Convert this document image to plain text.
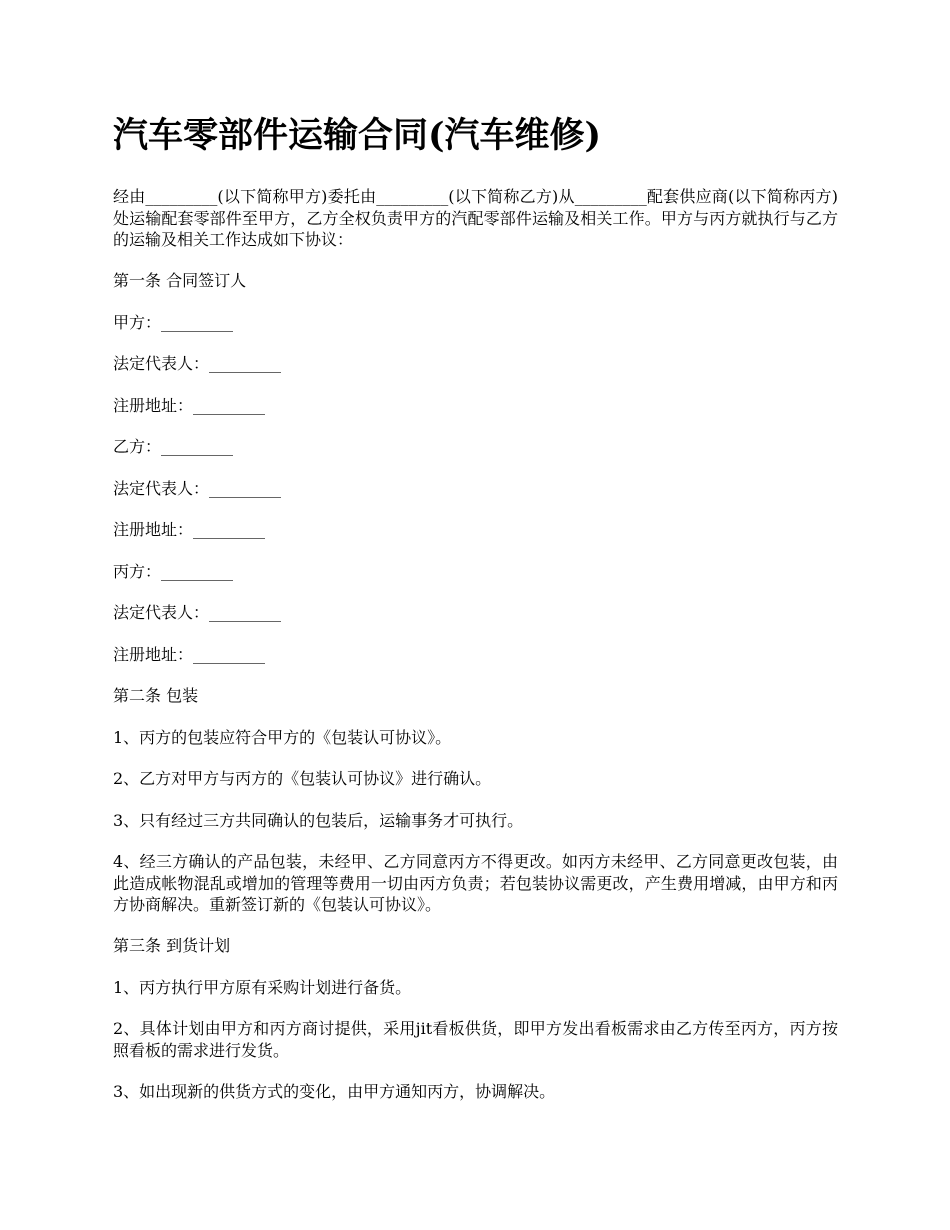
汽车零部件运输合同(汽车维修)

经由_________(以下简称甲方)委托由_________(以下简称乙方)从_________配套供应商(以下简称丙方)处运输配套零部件至甲方，乙方全权负责甲方的汽配零部件运输及相关工作。甲方与丙方就执行与乙方的运输及相关工作达成如下协议：

第一条 合同签订人

甲方：_________

法定代表人：_________

注册地址：_________

乙方：_________

法定代表人：_________

注册地址：_________

丙方：_________

法定代表人：_________

注册地址：_________

第二条 包装

1、丙方的包装应符合甲方的《包装认可协议》。

2、乙方对甲方与丙方的《包装认可协议》进行确认。

3、只有经过三方共同确认的包装后，运输事务才可执行。

4、经三方确认的产品包装，未经甲、乙方同意丙方不得更改。如丙方未经甲、乙方同意更改包装，由此造成帐物混乱或增加的管理等费用一切由丙方负责；若包装协议需更改，产生费用增减，由甲方和丙方协商解决。重新签订新的《包装认可协议》。

第三条 到货计划

1、丙方执行甲方原有采购计划进行备货。

2、具体计划由甲方和丙方商讨提供，采用jit看板供货，即甲方发出看板需求由乙方传至丙方，丙方按照看板的需求进行发货。

3、如出现新的供货方式的变化，由甲方通知丙方，协调解决。
